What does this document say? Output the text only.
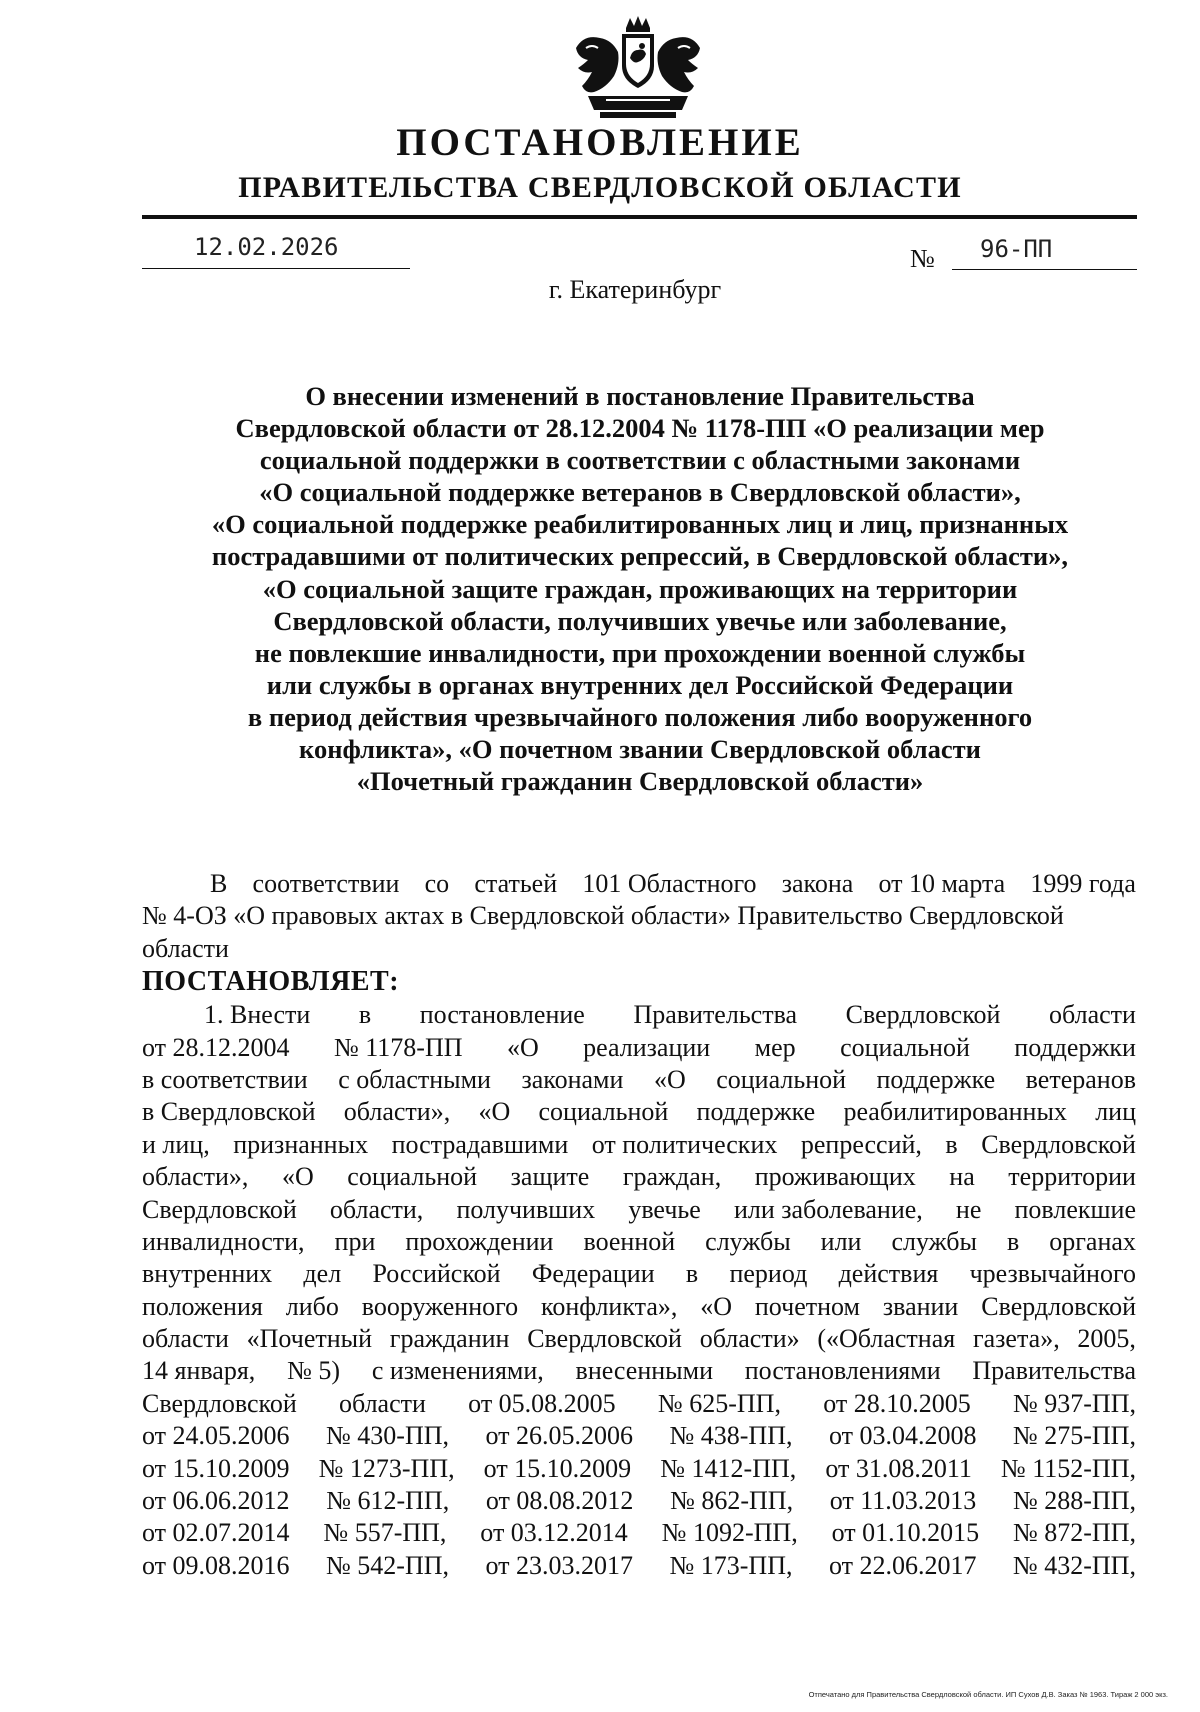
ПОСТАНОВЛЕНИЕ
ПРАВИТЕЛЬСТВА СВЕРДЛОВСКОЙ ОБЛАСТИ
12.02.2026	№ 96-ПП
г. Екатеринбург
О внесении изменений в постановление Правительства
Свердловской области от 28.12.2004 № 1178-ПП «О реализации мер
социальной поддержки в соответствии с областными законами
«О социальной поддержке ветеранов в Свердловской области»,
«О социальной поддержке реабилитированных лиц и лиц, признанных
пострадавшими от политических репрессий, в Свердловской области»,
«О социальной защите граждан, проживающих на территории
Свердловской области, получивших увечье или заболевание,
не повлекшие инвалидности, при прохождении военной службы
или службы в органах внутренних дел Российской Федерации
в период действия чрезвычайного положения либо вооруженного
конфликта», «О почетном звании Свердловской области
«Почетный гражданин Свердловской области»
В соответствии со статьей 101 Областного закона от 10 марта 1999 года
№ 4-ОЗ «О правовых актах в Свердловской области» Правительство Свердловской
области
ПОСТАНОВЛЯЕТ:
1. Внести в постановление Правительства Свердловской области
от 28.12.2004 № 1178-ПП «О реализации мер социальной поддержки
в соответствии с областными законами «О социальной поддержке ветеранов
в Свердловской области», «О социальной поддержке реабилитированных лиц
и лиц, признанных пострадавшими от политических репрессий, в Свердловской
области», «О социальной защите граждан, проживающих на территории
Свердловской области, получивших увечье или заболевание, не повлекшие
инвалидности, при прохождении военной службы или службы в органах
внутренних дел Российской Федерации в период действия чрезвычайного
положения либо вооруженного конфликта», «О почетном звании Свердловской
области «Почетный гражданин Свердловской области» («Областная газета», 2005,
14 января, № 5) с изменениями, внесенными постановлениями Правительства
Свердловской области от 05.08.2005 № 625-ПП, от 28.10.2005 № 937-ПП,
от 24.05.2006 № 430-ПП, от 26.05.2006 № 438-ПП, от 03.04.2008 № 275-ПП,
от 15.10.2009 № 1273-ПП, от 15.10.2009 № 1412-ПП, от 31.08.2011 № 1152-ПП,
от 06.06.2012 № 612-ПП, от 08.08.2012 № 862-ПП, от 11.03.2013 № 288-ПП,
от 02.07.2014 № 557-ПП, от 03.12.2014 № 1092-ПП, от 01.10.2015 № 872-ПП,
от 09.08.2016 № 542-ПП, от 23.03.2017 № 173-ПП, от 22.06.2017 № 432-ПП,
Отпечатано для Правительства Свердловской области. ИП Сухов Д.В. Заказ № 1963. Тираж 2 000 экз.
